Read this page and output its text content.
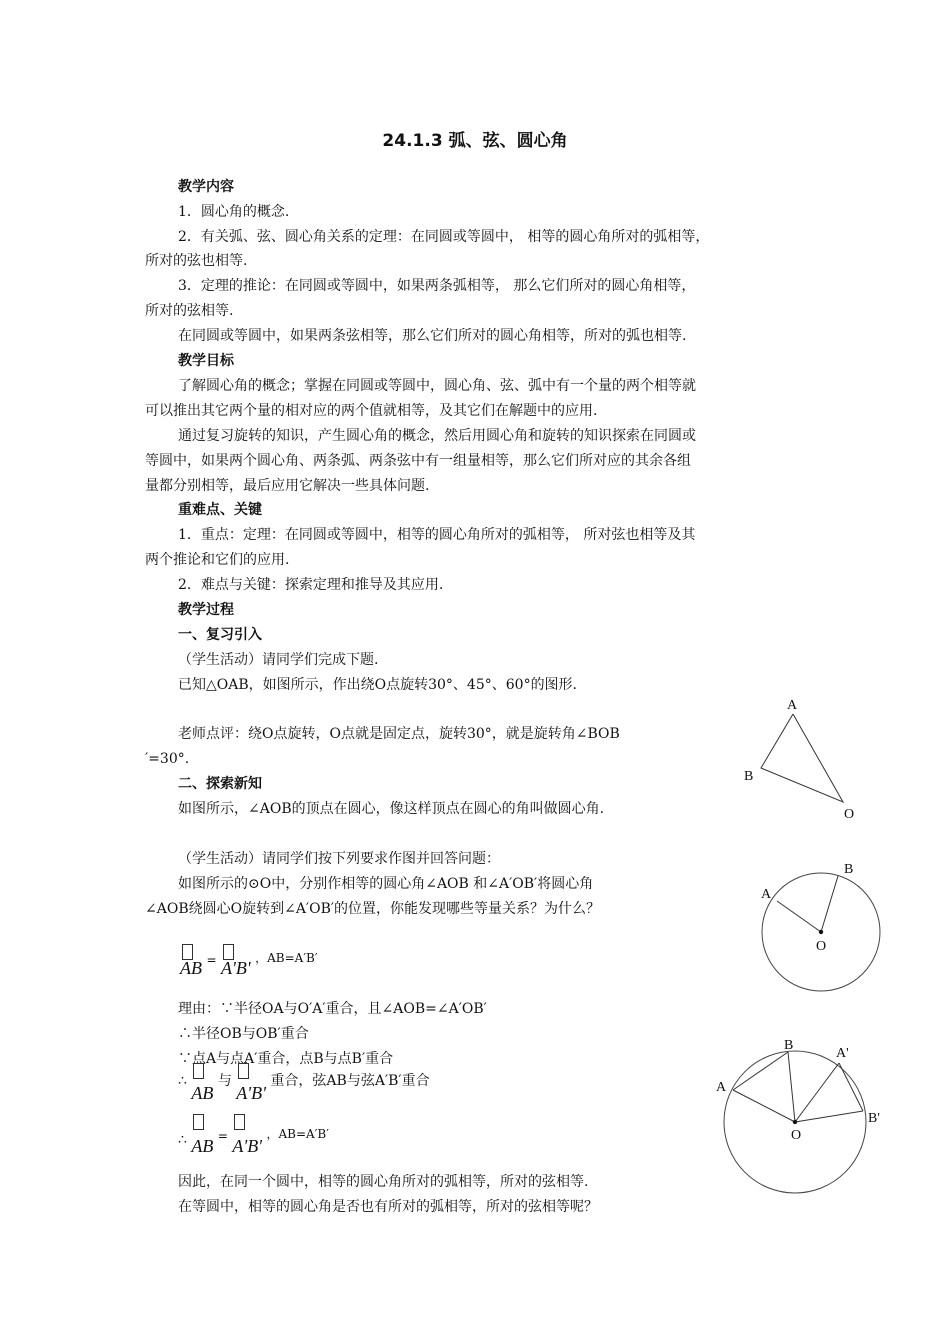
24.1.3 弧、弦、圆心角
教学内容
1．圆心角的概念.
2．有关弧、弦、圆心角关系的定理：在同圆或等圆中， 相等的圆心角所对的弧相等，
所对的弦也相等.
3．定理的推论：在同圆或等圆中，如果两条弧相等， 那么它们所对的圆心角相等，
所对的弦相等.
在同圆或等圆中，如果两条弦相等，那么它们所对的圆心角相等，所对的弧也相等.
教学目标
了解圆心角的概念；掌握在同圆或等圆中，圆心角、弦、弧中有一个量的两个相等就
可以推出其它两个量的相对应的两个值就相等，及其它们在解题中的应用.
通过复习旋转的知识，产生圆心角的概念，然后用圆心角和旋转的知识探索在同圆或
等圆中，如果两个圆心角、两条弧、两条弦中有一组量相等，那么它们所对应的其余各组
量都分别相等，最后应用它解决一些具体问题.
重难点、关键
1．重点：定理：在同圆或等圆中，相等的圆心角所对的弧相等， 所对弦也相等及其
两个推论和它们的应用.
2．难点与关键：探索定理和推导及其应用.
教学过程
一、复习引入
（学生活动）请同学们完成下题.
已知△OAB，如图所示，作出绕O点旋转30°、45°、60°的图形.
老师点评：绕O点旋转，O点就是固定点，旋转30°，就是旋转角∠BOB
′=30°.
二、探索新知
如图所示，∠AOB的顶点在圆心，像这样顶点在圆心的角叫做圆心角.
（学生活动）请同学们按下列要求作图并回答问题：
如图所示的⊙O中，分别作相等的圆心角∠AOB 和∠A′OB′将圆心角
∠AOB绕圆心O旋转到∠A′OB′的位置，你能发现哪些等量关系？为什么？
AB = A'B' ，AB=A′B′
理由：∵半径OA与O′A′重合，且∠AOB=∠A′OB′
∴半径OB与OB′重合
∵点A与点A′重合，点B与点B′重合
∴
AB 与
A'B' 重合，弦AB与弦A′B′重合
∴ AB = A'B' ，AB=A′B′
因此，在同一个圆中，相等的圆心角所对的弧相等，所对的弦相等.
在等圆中，相等的圆心角是否也有所对的弧相等，所对的弦相等呢？
A
B
O
A
B
O
A
B
A'
B'
O
